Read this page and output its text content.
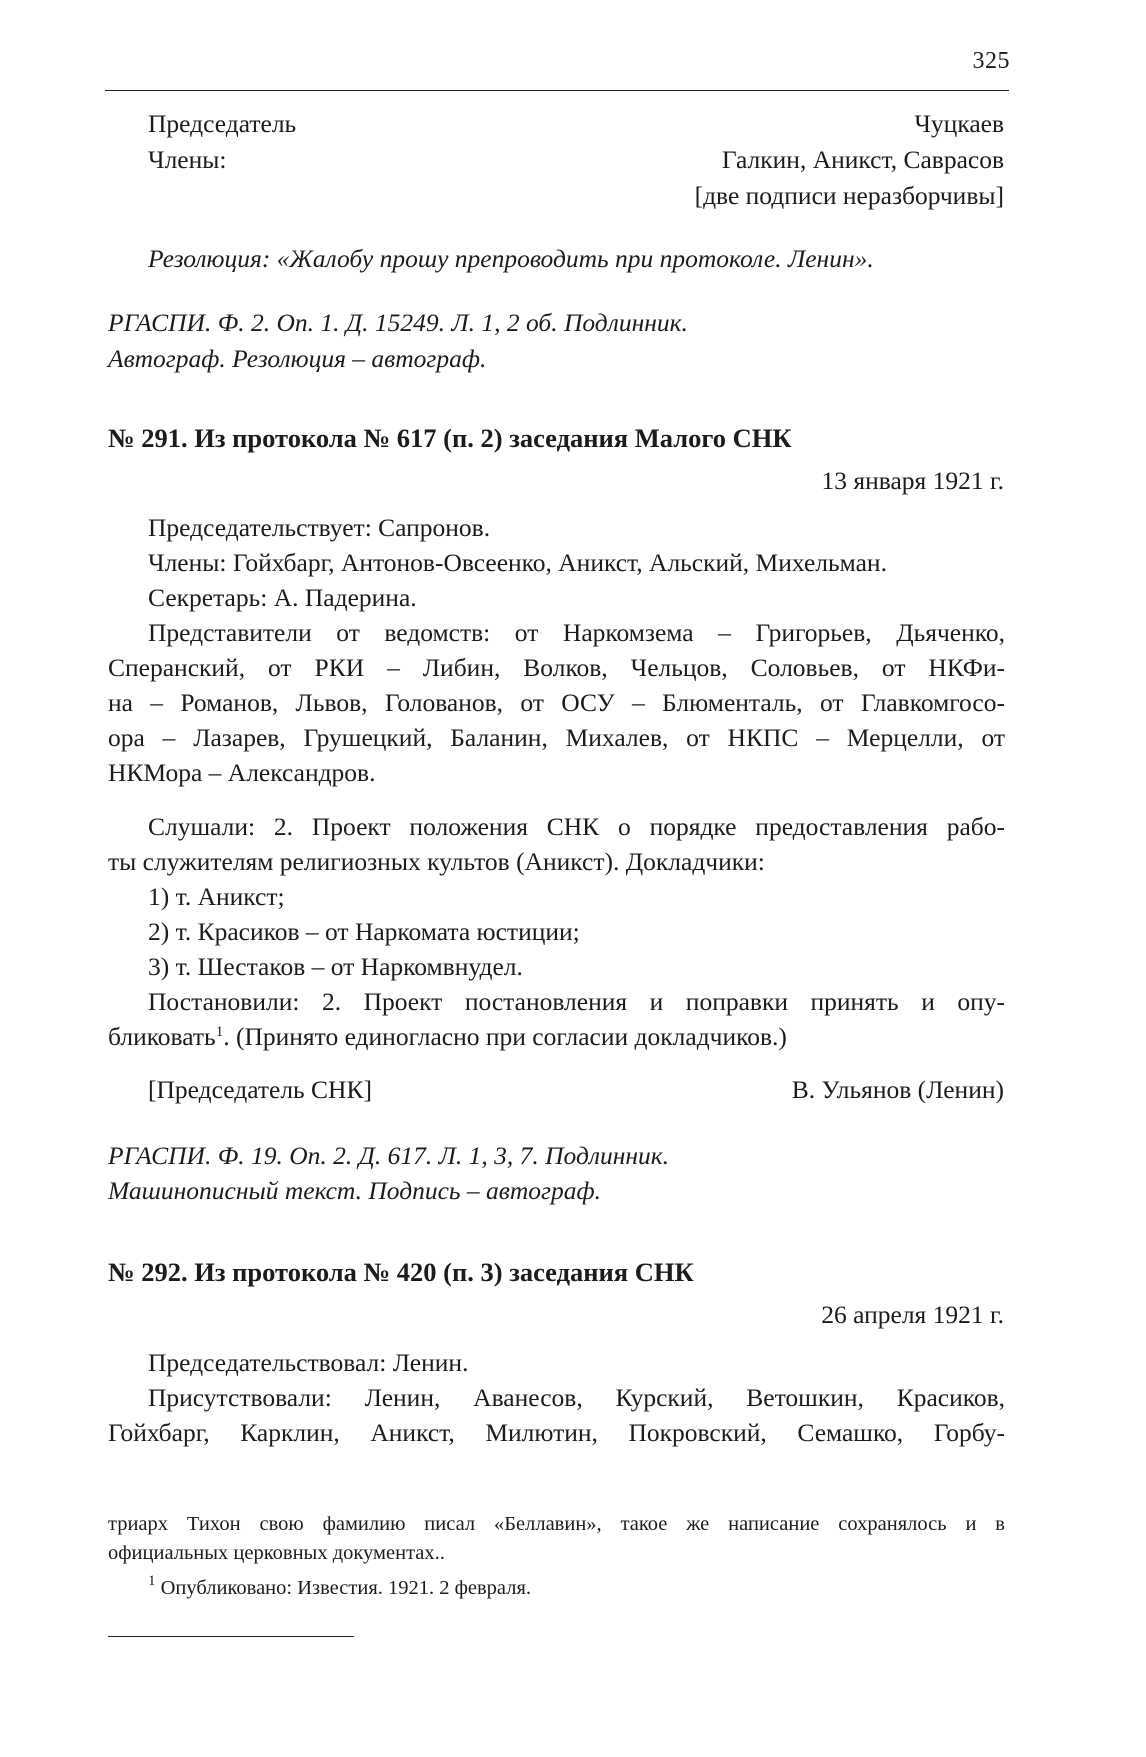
325
Председатель	Чуцкаев
Члены:	Галкин, Аникст, Саврасов
[две подписи неразборчивы]
Резолюция: «Жалобу прошу препроводить при протоколе. Ленин».
РГАСПИ. Ф. 2. Оп. 1. Д. 15249. Л. 1, 2 об. Подлинник.
Автограф. Резолюция – автограф.
№ 291. Из протокола № 617 (п. 2) заседания Малого СНК
13 января 1921 г.
Председательствует: Сапронов.
Члены: Гойхбарг, Антонов-Овсеенко, Аникст, Альский, Михельман.
Секретарь: А. Падерина.
Представители от ведомств: от Наркомзема – Григорьев, Дьяченко,
Сперанский, от РКИ – Либин, Волков, Чельцов, Соловьев, от НКФи-
на – Романов, Львов, Голованов, от ОСУ – Блюменталь, от Главкомгосо-
ора – Лазарев, Грушецкий, Баланин, Михалев, от НКПС – Мерцелли, от
НКМора – Александров.
Слушали: 2. Проект положения СНК о порядке предоставления рабо-
ты служителям религиозных культов (Аникст). Докладчики:
1) т. Аникст;
2) т. Красиков – от Наркомата юстиции;
3) т. Шестаков – от Наркомвнудел.
Постановили: 2. Проект постановления и поправки принять и опу-
бликовать$^1$. (Принято единогласно при согласии докладчиков.)
[Председатель СНК]	В. Ульянов (Ленин)
РГАСПИ. Ф. 19. Оп. 2. Д. 617. Л. 1, 3, 7. Подлинник.
Машинописный текст. Подпись – автограф.
№ 292. Из протокола № 420 (п. 3) заседания СНК
26 апреля 1921 г.
Председательствовал: Ленин.
Присутствовали: Ленин, Аванесов, Курский, Ветошкин, Красиков,
Гойхбарг, Карклин, Аникст, Милютин, Покровский, Семашко, Горбу-
триарх Тихон свою фамилию писал «Беллавин», такое же написание сохранялось и в
официальных церковных документах..
$^1$ Опубликовано: Известия. 1921. 2 февраля.
